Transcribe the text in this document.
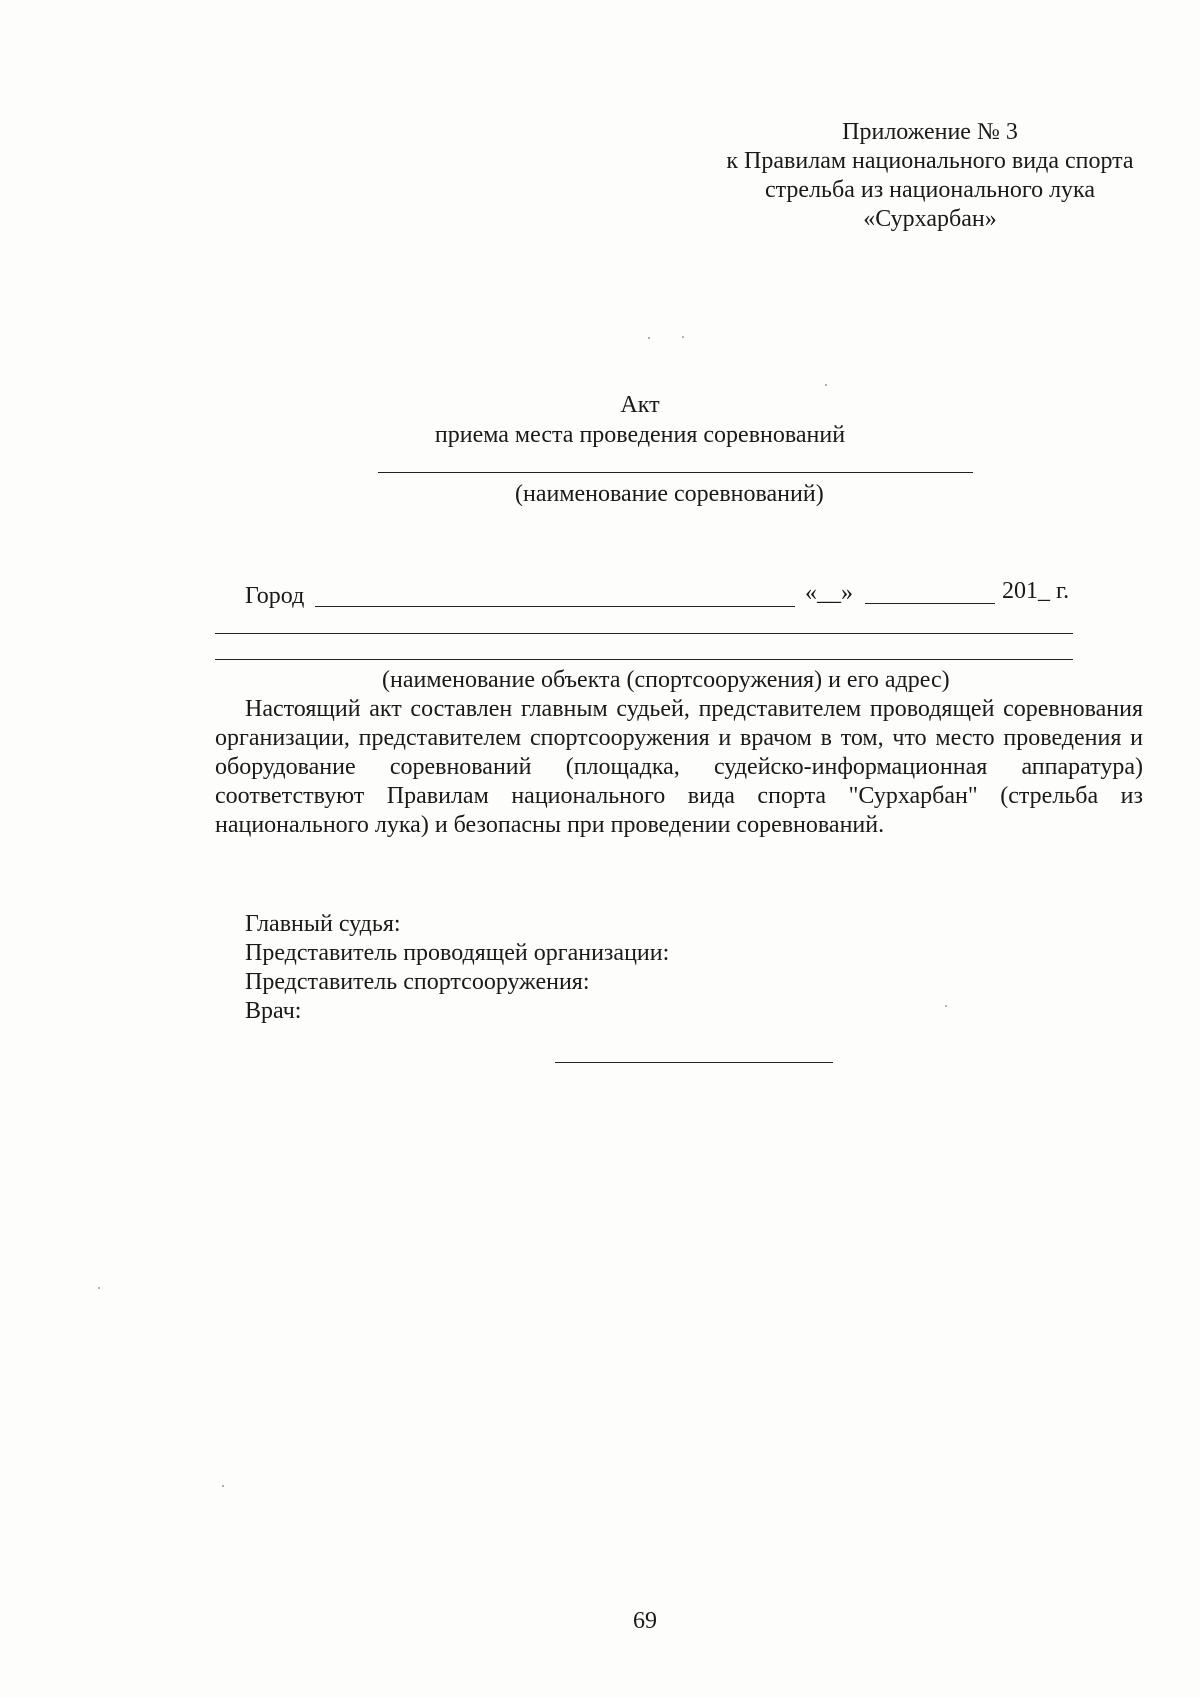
Приложение № 3
к Правилам национального вида спорта
стрельба из национального лука
«Сурхарбан»
Акт
приема места проведения соревнований
(наименование соревнований)
Город	«__»	201_ г.
(наименование объекта (спортсооружения) и его адрес)
Настоящий акт составлен главным судьей, представителем проводящей соревнования организации, представителем спортсооружения и врачом в том, что место проведения и оборудование соревнований (площадка, судейско-информационная аппаратура) соответствуют Правилам национального вида спорта "Сурхарбан" (стрельба из национального лука) и безопасны при проведении соревнований.
Главный судья:
Представитель проводящей организации:
Представитель спортсооружения:
Врач:
69
